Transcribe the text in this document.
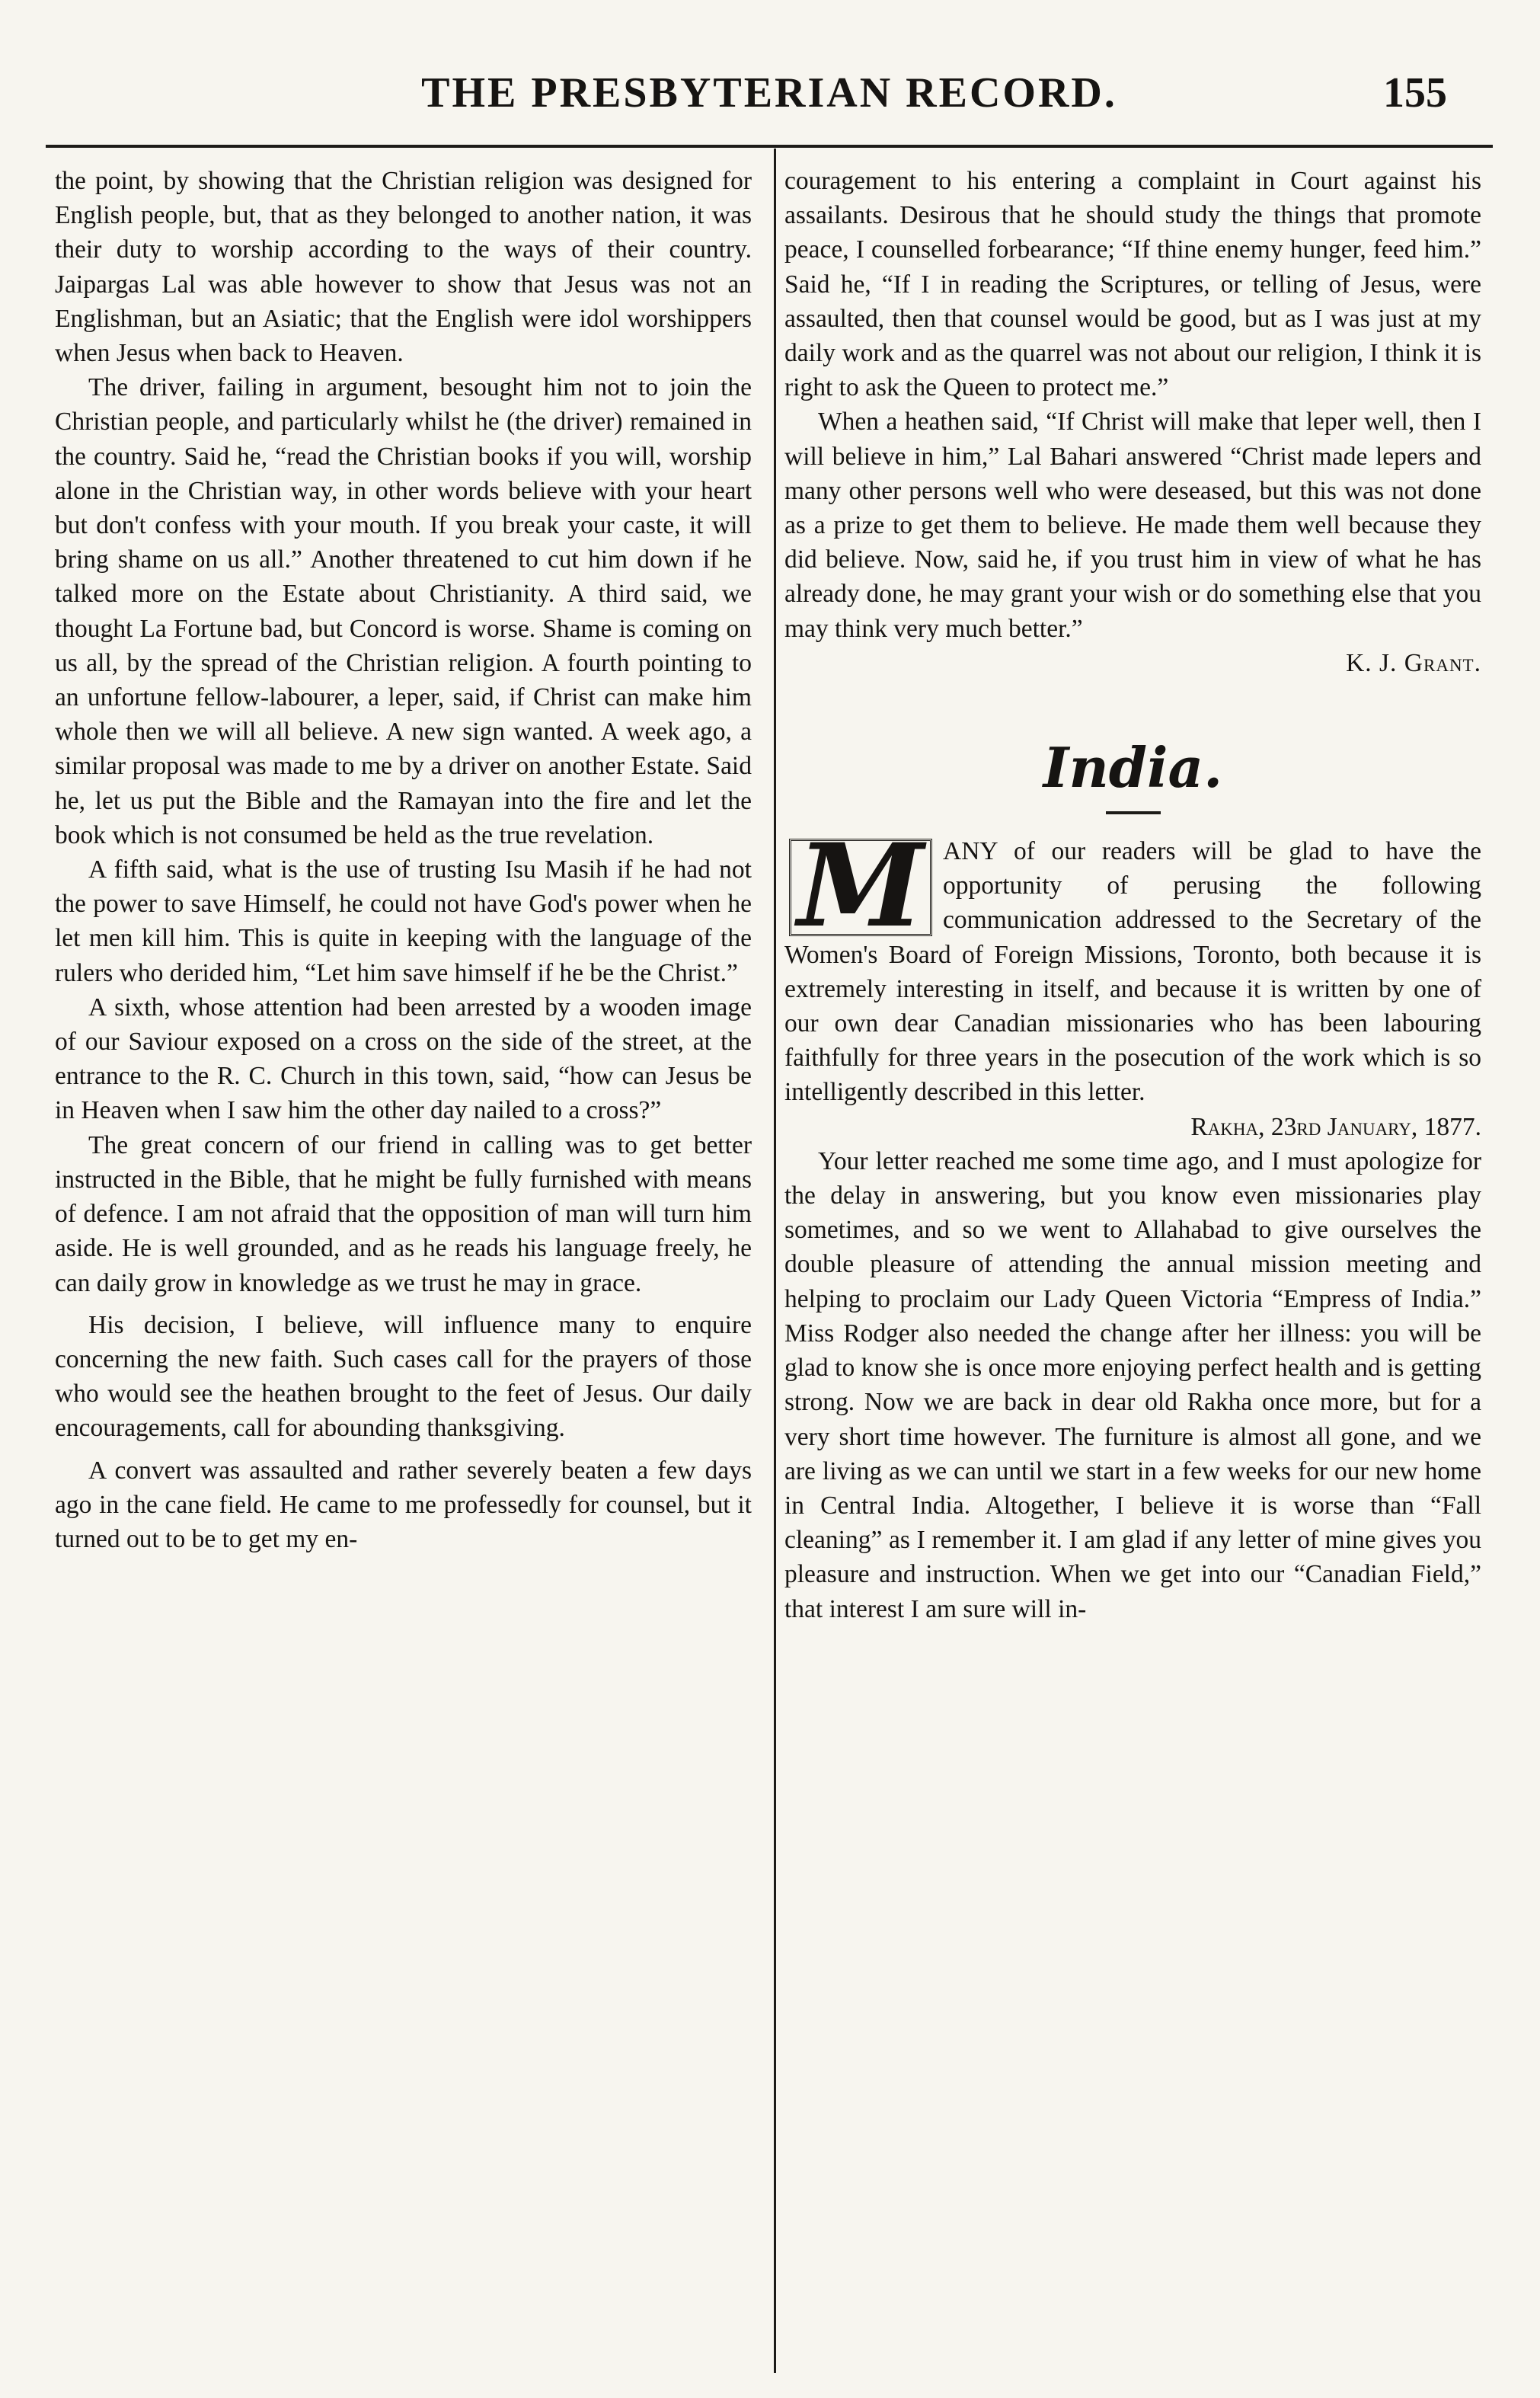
THE PRESBYTERIAN RECORD.	155

the point, by showing that the Christian religion was designed for English people, but, that as they belonged to another nation, it was their duty to worship according to the ways of their country. Jaipargas Lal was able however to show that Jesus was not an Englishman, but an Asiatic; that the English were idol worshippers when Jesus when back to Heaven.

The driver, failing in argument, besought him not to join the Christian people, and particularly whilst he (the driver) remained in the country. Said he, “read the Christian books if you will, worship alone in the Christian way, in other words believe with your heart but don't confess with your mouth. If you break your caste, it will bring shame on us all.” Another threatened to cut him down if he talked more on the Estate about Christianity. A third said, we thought La Fortune bad, but Concord is worse. Shame is coming on us all, by the spread of the Christian religion. A fourth pointing to an unfortune fellow-labourer, a leper, said, if Christ can make him whole then we will all believe. A new sign wanted. A week ago, a similar proposal was made to me by a driver on another Estate. Said he, let us put the Bible and the Ramayan into the fire and let the book which is not consumed be held as the true revelation.

A fifth said, what is the use of trusting Isu Masih if he had not the power to save Himself, he could not have God's power when he let men kill him. This is quite in keeping with the language of the rulers who derided him, “Let him save himself if he be the Christ.”

A sixth, whose attention had been arrested by a wooden image of our Saviour exposed on a cross on the side of the street, at the entrance to the R. C. Church in this town, said, “how can Jesus be in Heaven when I saw him the other day nailed to a cross?”

The great concern of our friend in calling was to get better instructed in the Bible, that he might be fully furnished with means of defence. I am not afraid that the opposition of man will turn him aside. He is well grounded, and as he reads his language freely, he can daily grow in knowledge as we trust he may in grace.

His decision, I believe, will influence many to enquire concerning the new faith. Such cases call for the prayers of those who would see the heathen brought to the feet of Jesus. Our daily encouragements, call for abounding thanksgiving.

A convert was assaulted and rather severely beaten a few days ago in the cane field. He came to me professedly for counsel, but it turned out to be to get my en-

couragement to his entering a complaint in Court against his assailants. Desirous that he should study the things that promote peace, I counselled forbearance; “If thine enemy hunger, feed him.” Said he, “If I in reading the Scriptures, or telling of Jesus, were assaulted, then that counsel would be good, but as I was just at my daily work and as the quarrel was not about our religion, I think it is right to ask the Queen to protect me.”

When a heathen said, “If Christ will make that leper well, then I will believe in him,” Lal Bahari answered “Christ made lepers and many other persons well who were deseased, but this was not done as a prize to get them to believe. He made them well because they did believe. Now, said he, if you trust him in view of what he has already done, he may grant your wish or do something else that you may think very much better.”

K. J. Grant.

India.

M ANY of our readers will be glad to have the opportunity of perusing the following communication addressed to the Secretary of the Women's Board of Foreign Missions, Toronto, both because it is extremely interesting in itself, and because it is written by one of our own dear Canadian missionaries who has been labouring faithfully for three years in the posecution of the work which is so intelligently described in this letter.

Rakha, 23rd January, 1877.

Your letter reached me some time ago, and I must apologize for the delay in answering, but you know even missionaries play sometimes, and so we went to Allahabad to give ourselves the double pleasure of attending the annual mission meeting and helping to proclaim our Lady Queen Victoria “Empress of India.” Miss Rodger also needed the change after her illness: you will be glad to know she is once more enjoying perfect health and is getting strong. Now we are back in dear old Rakha once more, but for a very short time however. The furniture is almost all gone, and we are living as we can until we start in a few weeks for our new home in Central India. Altogether, I believe it is worse than “Fall cleaning” as I remember it. I am glad if any letter of mine gives you pleasure and instruction. When we get into our “Canadian Field,” that interest I am sure will in-
